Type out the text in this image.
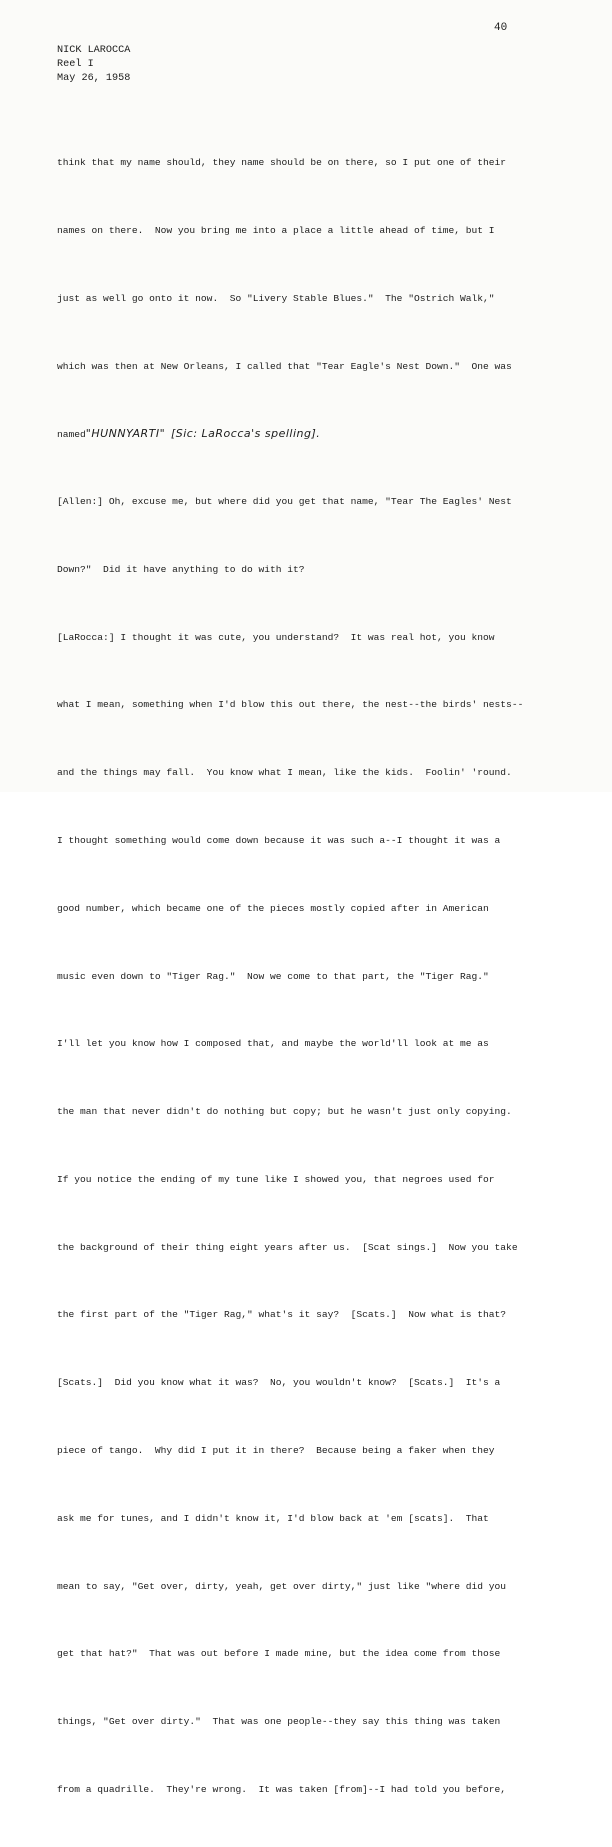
40
NICK LAROCCA
Reel I
May 26, 1958

think that my name should, they name should be on there, so I put one of their

names on there.  Now you bring me into a place a little ahead of time, but I

just as well go onto it now.  So "Livery Stable Blues."  The "Ostrich Walk,"

which was then at New Orleans, I called that "Tear Eagle's Nest Down."  One was

named"HUNNYARTI" [Sic: LaRocca's spelling].

[Allen:] Oh, excuse me, but where did you get that name, "Tear The Eagles' Nest

Down?"  Did it have anything to do with it?

[LaRocca:] I thought it was cute, you understand?  It was real hot, you know

what I mean, something when I'd blow this out there, the nest--the birds' nests--

and the things may fall.  You know what I mean, like the kids.  Foolin' 'round.

I thought something would come down because it was such a--I thought it was a

good number, which became one of the pieces mostly copied after in American

music even down to "Tiger Rag."  Now we come to that part, the "Tiger Rag."

I'll let you know how I composed that, and maybe the world'll look at me as

the man that never didn't do nothing but copy; but he wasn't just only copying.

If you notice the ending of my tune like I showed you, that negroes used for

the background of their thing eight years after us.  [Scat sings.]  Now you take

the first part of the "Tiger Rag," what's it say?  [Scats.]  Now what is that?

[Scats.]  Did you know what it was?  No, you wouldn't know?  [Scats.]  It's a

piece of tango.  Why did I put it in there?  Because being a faker when they

ask me for tunes, and I didn't know it, I'd blow back at 'em [scats].  That

mean to say, "Get over, dirty, yeah, get over dirty," just like "where did you

get that hat?"  That was out before I made mine, but the idea come from those

things, "Get over dirty."  That was one people--they say this thing was taken

from a quadrille.  They're wrong.  It was taken [from]--I had told you before,
